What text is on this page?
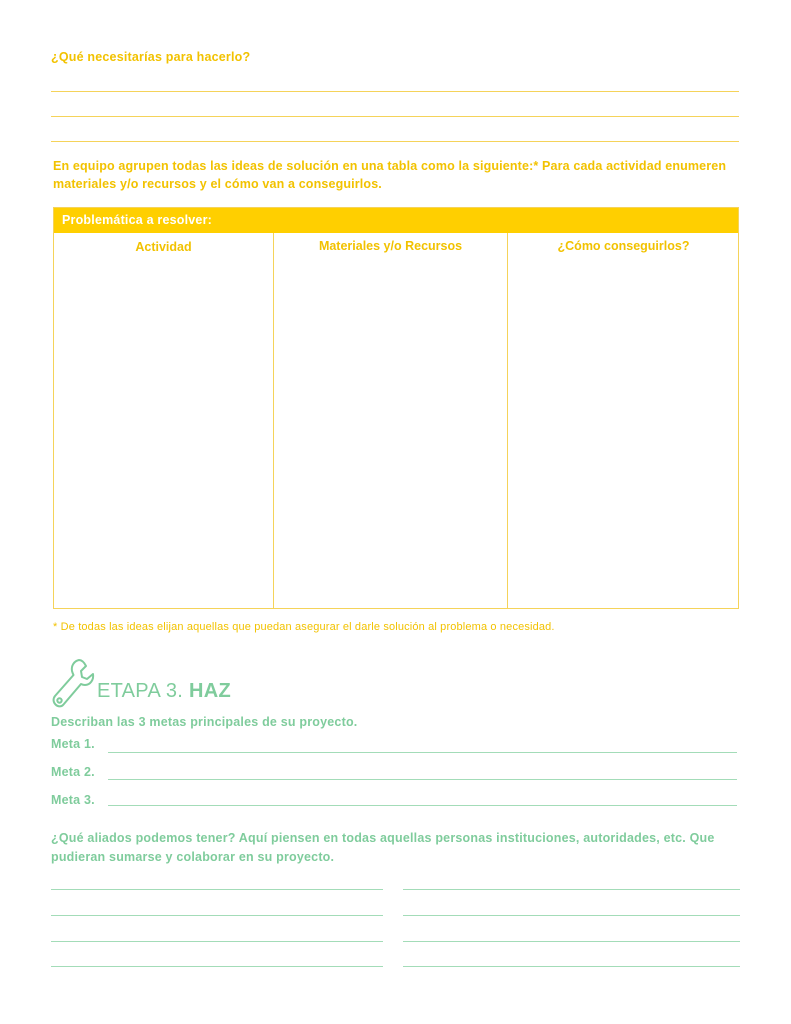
¿Qué necesitarías para hacerlo?
En equipo agrupen todas las ideas de solución en una tabla como la siguiente:* Para cada actividad enumeren materiales y/o recursos y el cómo van a conseguirlos.
Problemática a resolver:
Actividad	Materiales y/o Recursos	¿Cómo conseguirlos?
* De todas las ideas elijan aquellas que puedan asegurar el darle solución al problema o necesidad.
ETAPA 3. HAZ
Describan las 3 metas principales de su proyecto.
Meta 1.
Meta 2.
Meta 3.
¿Qué aliados podemos tener? Aquí piensen en todas aquellas personas instituciones, autoridades, etc. Que pudieran sumarse y colaborar en su proyecto.
